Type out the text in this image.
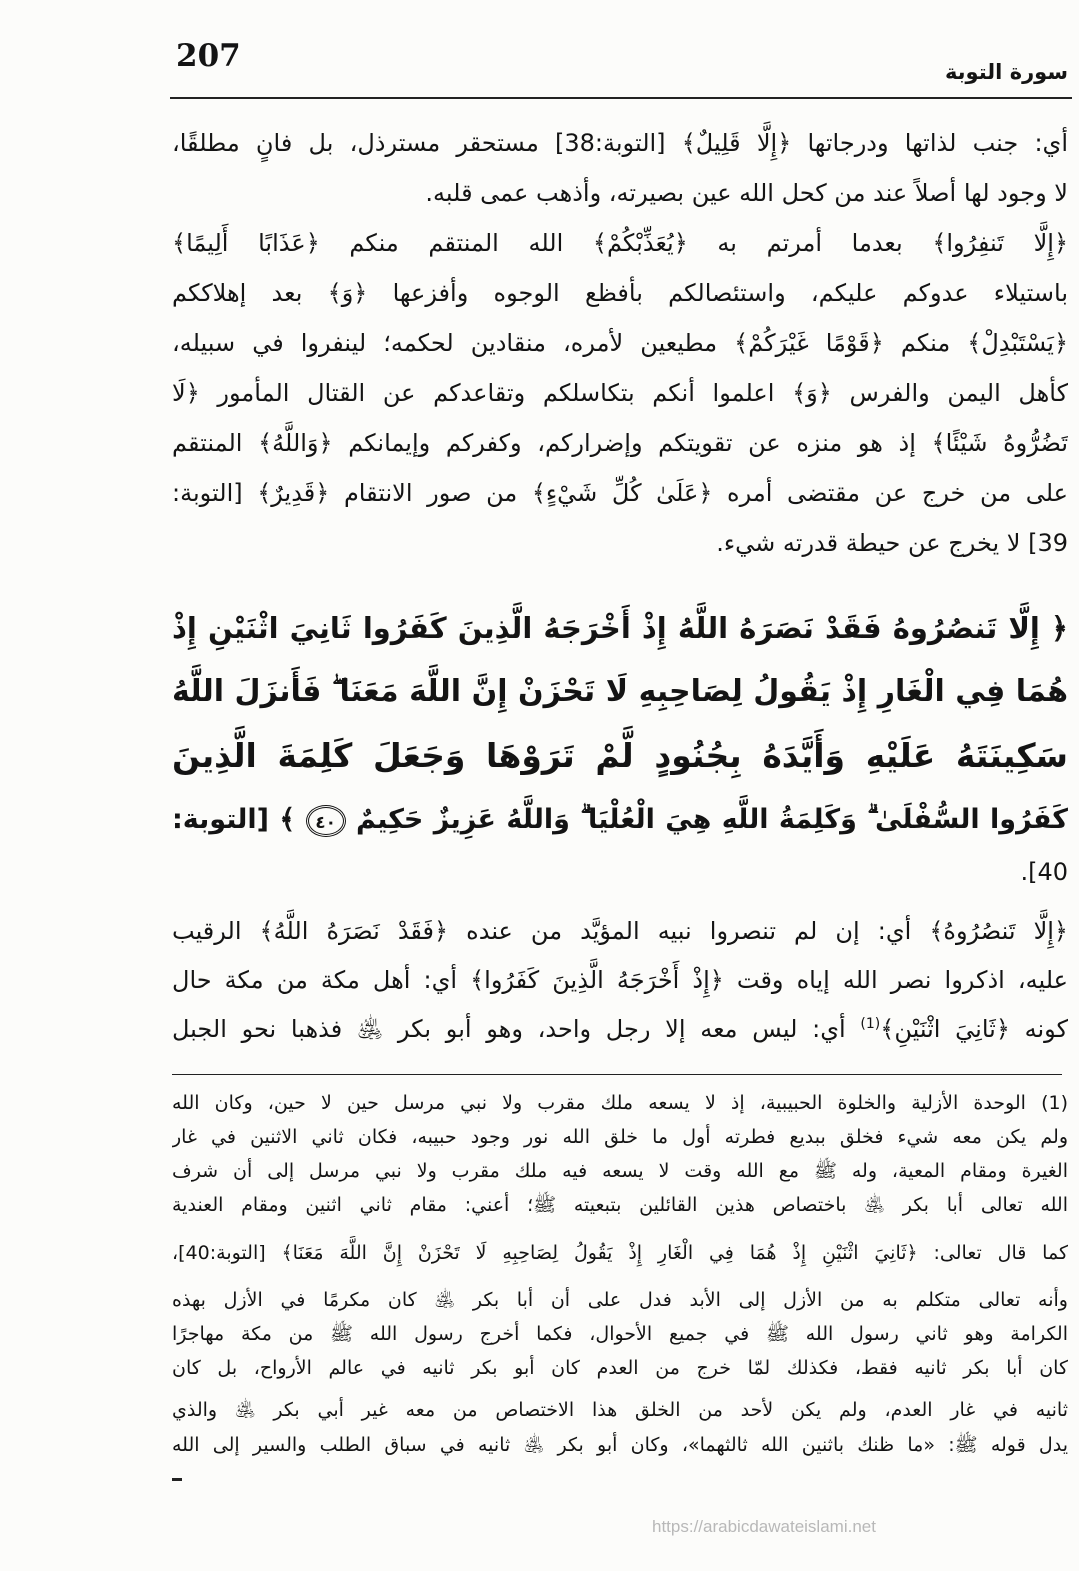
207	سورة التوبة
أي: جنب لذاتها ودرجاتها ﴿إِلَّا قَلِيلٌ﴾ [التوبة:38] مستحقر مسترذل، بل فانٍ مطلقًا،
لا وجود لها أصلاً عند من كحل الله عين بصيرته، وأذهب عمى قلبه.
﴿إِلَّا تَنفِرُوا﴾ بعدما أمرتم به ﴿يُعَذِّبْكُمْ﴾ الله المنتقم منكم ﴿عَذَابًا أَلِيمًا﴾
باستيلاء عدوكم عليكم، واستئصالكم بأفظع الوجوه وأفزعها ﴿وَ﴾ بعد إهلاككم
﴿يَسْتَبْدِلْ﴾ منكم ﴿قَوْمًا غَيْرَكُمْ﴾ مطيعين لأمره، منقادين لحكمه؛ لينفروا في سبيله،
كأهل اليمن والفرس ﴿وَ﴾ اعلموا أنكم بتكاسلكم وتقاعدكم عن القتال المأمور ﴿لَا
تَضُرُّوهُ شَيْئًا﴾ إذ هو منزه عن تقويتكم وإضراركم، وكفركم وإيمانكم ﴿وَاللَّهُ﴾ المنتقم
على من خرج عن مقتضى أمره ﴿عَلَىٰ كُلِّ شَيْءٍ﴾ من صور الانتقام ﴿قَدِيرٌ﴾ [التوبة:
39] لا يخرج عن حيطة قدرته شيء.
﴿ إِلَّا تَنصُرُوهُ فَقَدْ نَصَرَهُ اللَّهُ إِذْ أَخْرَجَهُ الَّذِينَ كَفَرُوا ثَانِيَ اثْنَيْنِ إِذْ
هُمَا فِي الْغَارِ إِذْ يَقُولُ لِصَاحِبِهِ لَا تَحْزَنْ إِنَّ اللَّهَ مَعَنَا ۖ فَأَنزَلَ اللَّهُ
سَكِينَتَهُ عَلَيْهِ وَأَيَّدَهُ بِجُنُودٍ لَّمْ تَرَوْهَا وَجَعَلَ كَلِمَةَ الَّذِينَ
كَفَرُوا السُّفْلَىٰ ۗ وَكَلِمَةُ اللَّهِ هِيَ الْعُلْيَا ۗ وَاللَّهُ عَزِيزٌ حَكِيمٌ ٤٠ ﴾ [التوبة:
40].
﴿إِلَّا تَنصُرُوهُ﴾ أي: إن لم تنصروا نبيه المؤيَّد من عنده ﴿فَقَدْ نَصَرَهُ اللَّهُ﴾ الرقيب
عليه، اذكروا نصر الله إياه وقت ﴿إِذْ أَخْرَجَهُ الَّذِينَ كَفَرُوا﴾ أي: أهل مكة من مكة حال
كونه ﴿ثَانِيَ اثْنَيْنِ﴾$^{(1)}$ أي: ليس معه إلا رجل واحد، وهو أبو بكر ﵁ فذهبا نحو الجبل
(1) الوحدة الأزلية والخلوة الحبيبية، إذ لا يسعه ملك مقرب ولا نبي مرسل حين لا حين، وكان الله
ولم يكن معه شيء فخلق ببديع فطرته أول ما خلق الله نور وجود حبيبه، فكان ثاني الاثنين في غار
الغيرة ومقام المعية، وله ﷺ مع الله وقت لا يسعه فيه ملك مقرب ولا نبي مرسل إلى أن شرف
الله تعالى أبا بكر ﵁ باختصاص هذين القائلين بتبعيته ﷺ؛ أعني: مقام ثاني اثنين ومقام العندية
كما قال تعالى: ﴿ثَانِيَ اثْنَيْنِ إِذْ هُمَا فِي الْغَارِ إِذْ يَقُولُ لِصَاحِبِهِ لَا تَحْزَنْ إِنَّ اللَّهَ مَعَنَا﴾ [التوبة:40]،
وأنه تعالى متكلم به من الأزل إلى الأبد فدل على أن أبا بكر ﵁ كان مكرمًا في الأزل بهذه
الكرامة وهو ثاني رسول الله ﷺ في جميع الأحوال، فكما أخرج رسول الله ﷺ من مكة مهاجرًا
كان أبا بكر ثانيه فقط، فكذلك لمّا خرج من العدم كان أبو بكر ثانيه في عالم الأرواح، بل كان
ثانيه في غار العدم، ولم يكن لأحد من الخلق هذا الاختصاص من معه غير أبي بكر ﵁ والذي
يدل قوله ﷺ: «ما ظنك باثنين الله ثالثهما»، وكان أبو بكر ﵁ ثانيه في سباق الطلب والسير إلى الله
https://arabicdawateislami.net
